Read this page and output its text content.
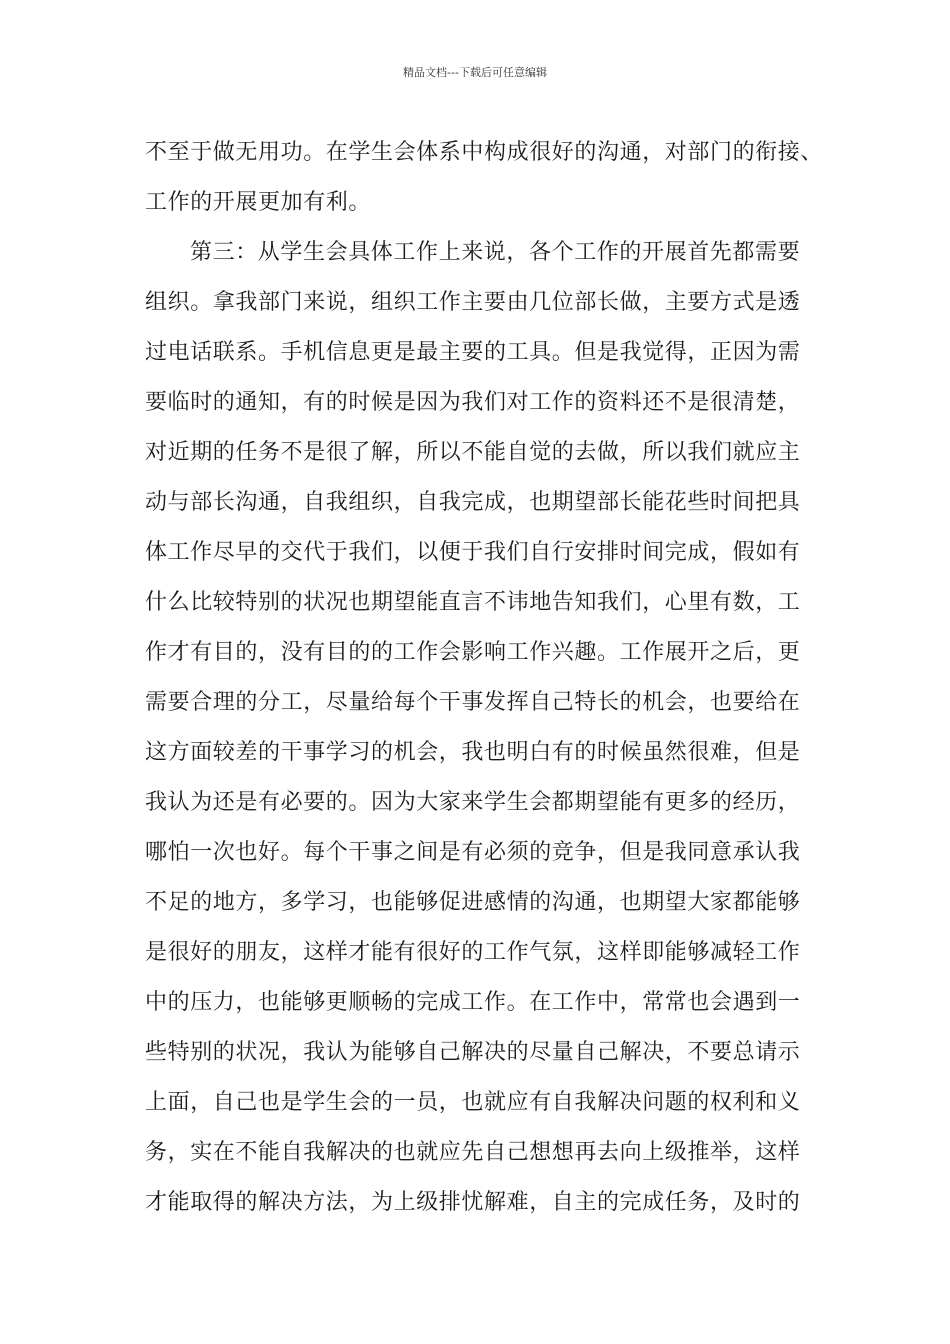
精品文档---下载后可任意编辑
不至于做无用功。在学生会体系中构成很好的沟通，对部门的衔接、
工作的开展更加有利。
第三：从学生会具体工作上来说，各个工作的开展首先都需要
组织。拿我部门来说，组织工作主要由几位部长做，主要方式是透
过电话联系。手机信息更是最主要的工具。但是我觉得，正因为需
要临时的通知，有的时候是因为我们对工作的资料还不是很清楚，
对近期的任务不是很了解，所以不能自觉的去做，所以我们就应主
动与部长沟通，自我组织，自我完成，也期望部长能花些时间把具
体工作尽早的交代于我们，以便于我们自行安排时间完成，假如有
什么比较特别的状况也期望能直言不讳地告知我们，心里有数，工
作才有目的，没有目的的工作会影响工作兴趣。工作展开之后，更
需要合理的分工，尽量给每个干事发挥自己特长的机会，也要给在
这方面较差的干事学习的机会，我也明白有的时候虽然很难，但是
我认为还是有必要的。因为大家来学生会都期望能有更多的经历，
哪怕一次也好。每个干事之间是有必须的竞争，但是我同意承认我
不足的地方，多学习，也能够促进感情的沟通，也期望大家都能够
是很好的朋友，这样才能有很好的工作气氛，这样即能够减轻工作
中的压力，也能够更顺畅的完成工作。在工作中，常常也会遇到一
些特别的状况，我认为能够自己解决的尽量自己解决，不要总请示
上面，自己也是学生会的一员，也就应有自我解决问题的权利和义
务，实在不能自我解决的也就应先自己想想再去向上级推举，这样
才能取得的解决方法，为上级排忧解难，自主的完成任务，及时的
